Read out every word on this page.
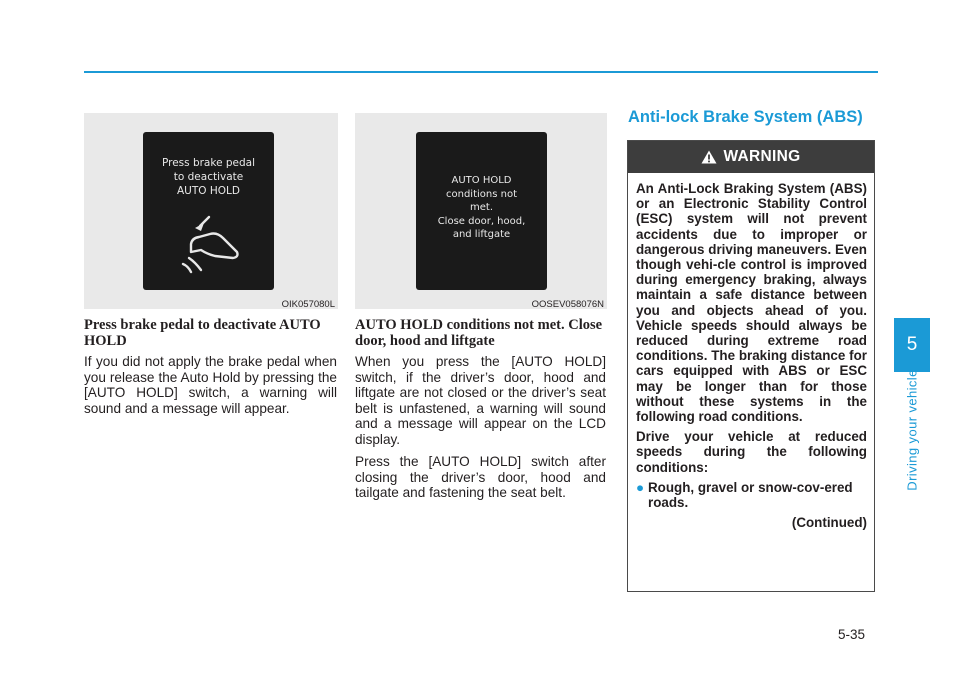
Press brake pedal
to deactivate
AUTO HOLD
OIK057080L
AUTO HOLD
conditions not
met.
Close door, hood,
and liftgate
OOSEV058076N
Press brake pedal to deactivate AUTO HOLD

If you did not apply the brake pedal when you release the Auto Hold by pressing the [AUTO HOLD] switch, a warning will sound and a message will appear.

AUTO HOLD conditions not met. Close door, hood and liftgate

When you press the [AUTO HOLD] switch, if the driver’s door, hood and liftgate are not closed or the driver’s seat belt is unfastened, a warning will sound and a message will appear on the LCD display.

Press the [AUTO HOLD] switch after closing the driver’s door, hood and tailgate and fastening the seat belt.

Anti-lock Brake System (ABS)
WARNING

An Anti-Lock Braking System (ABS) or an Electronic Stability Control (ESC) system will not prevent accidents due to improper or dangerous driving maneuvers. Even though vehi-cle control is improved during emergency braking, always maintain a safe distance between you and objects ahead of you. Vehicle speeds should always be reduced during extreme road conditions. The braking distance for cars equipped with ABS or ESC may be longer than for those without these systems in the following road conditions.

Drive your vehicle at reduced speeds during the following conditions:

● Rough, gravel or snow-cov-ered roads.
(Continued)
5
Driving your vehicle
5-35
